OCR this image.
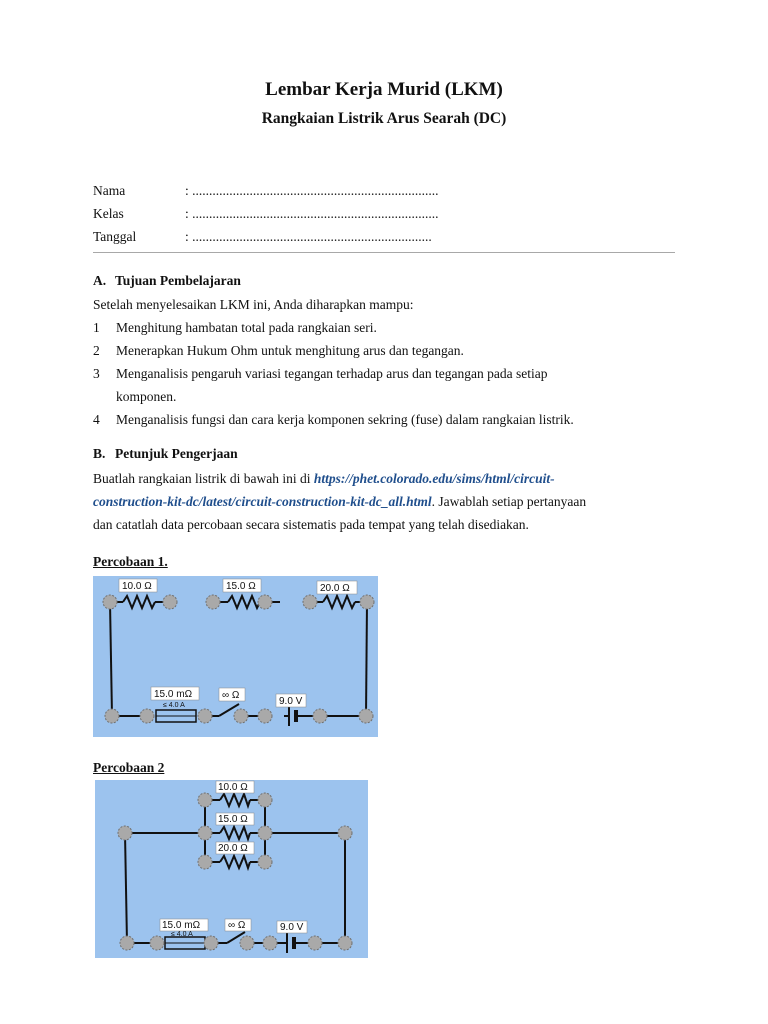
Lembar Kerja Murid (LKM)
Rangkaian Listrik Arus Searah (DC)
Nama	: .........................................................................
Kelas	: .........................................................................
Tanggal	: .......................................................................
A. Tujuan Pembelajaran

Setelah menyelesaikan LKM ini, Anda diharapkan mampu:

1 Menghitung hambatan total pada rangkaian seri.
2 Menerapkan Hukum Ohm untuk menghitung arus dan tegangan.
3 Menganalisis pengaruh variasi tegangan terhadap arus dan tegangan pada setiap
komponen.
4 Menganalisis fungsi dan cara kerja komponen sekring (fuse) dalam rangkaian listrik.
B. Petunjuk Pengerjaan
Buatlah rangkaian listrik di bawah ini di https://phet.colorado.edu/sims/html/circuit-
construction-kit-dc/latest/circuit-construction-kit-dc_all.html. Jawablah setiap pertanyaan
dan catatlah data percobaan secara sistematis pada tempat yang telah disediakan.
Percobaan 1.
10.0 Ω	15.0 Ω	20.0 Ω
15.0 mΩ
≤ 4.0 A
∞ Ω
9.0 V
Percobaan 2
10.0 Ω
15.0 Ω
20.0 Ω
15.0 mΩ
≤ 4.0 A
∞ Ω	9.0 V
